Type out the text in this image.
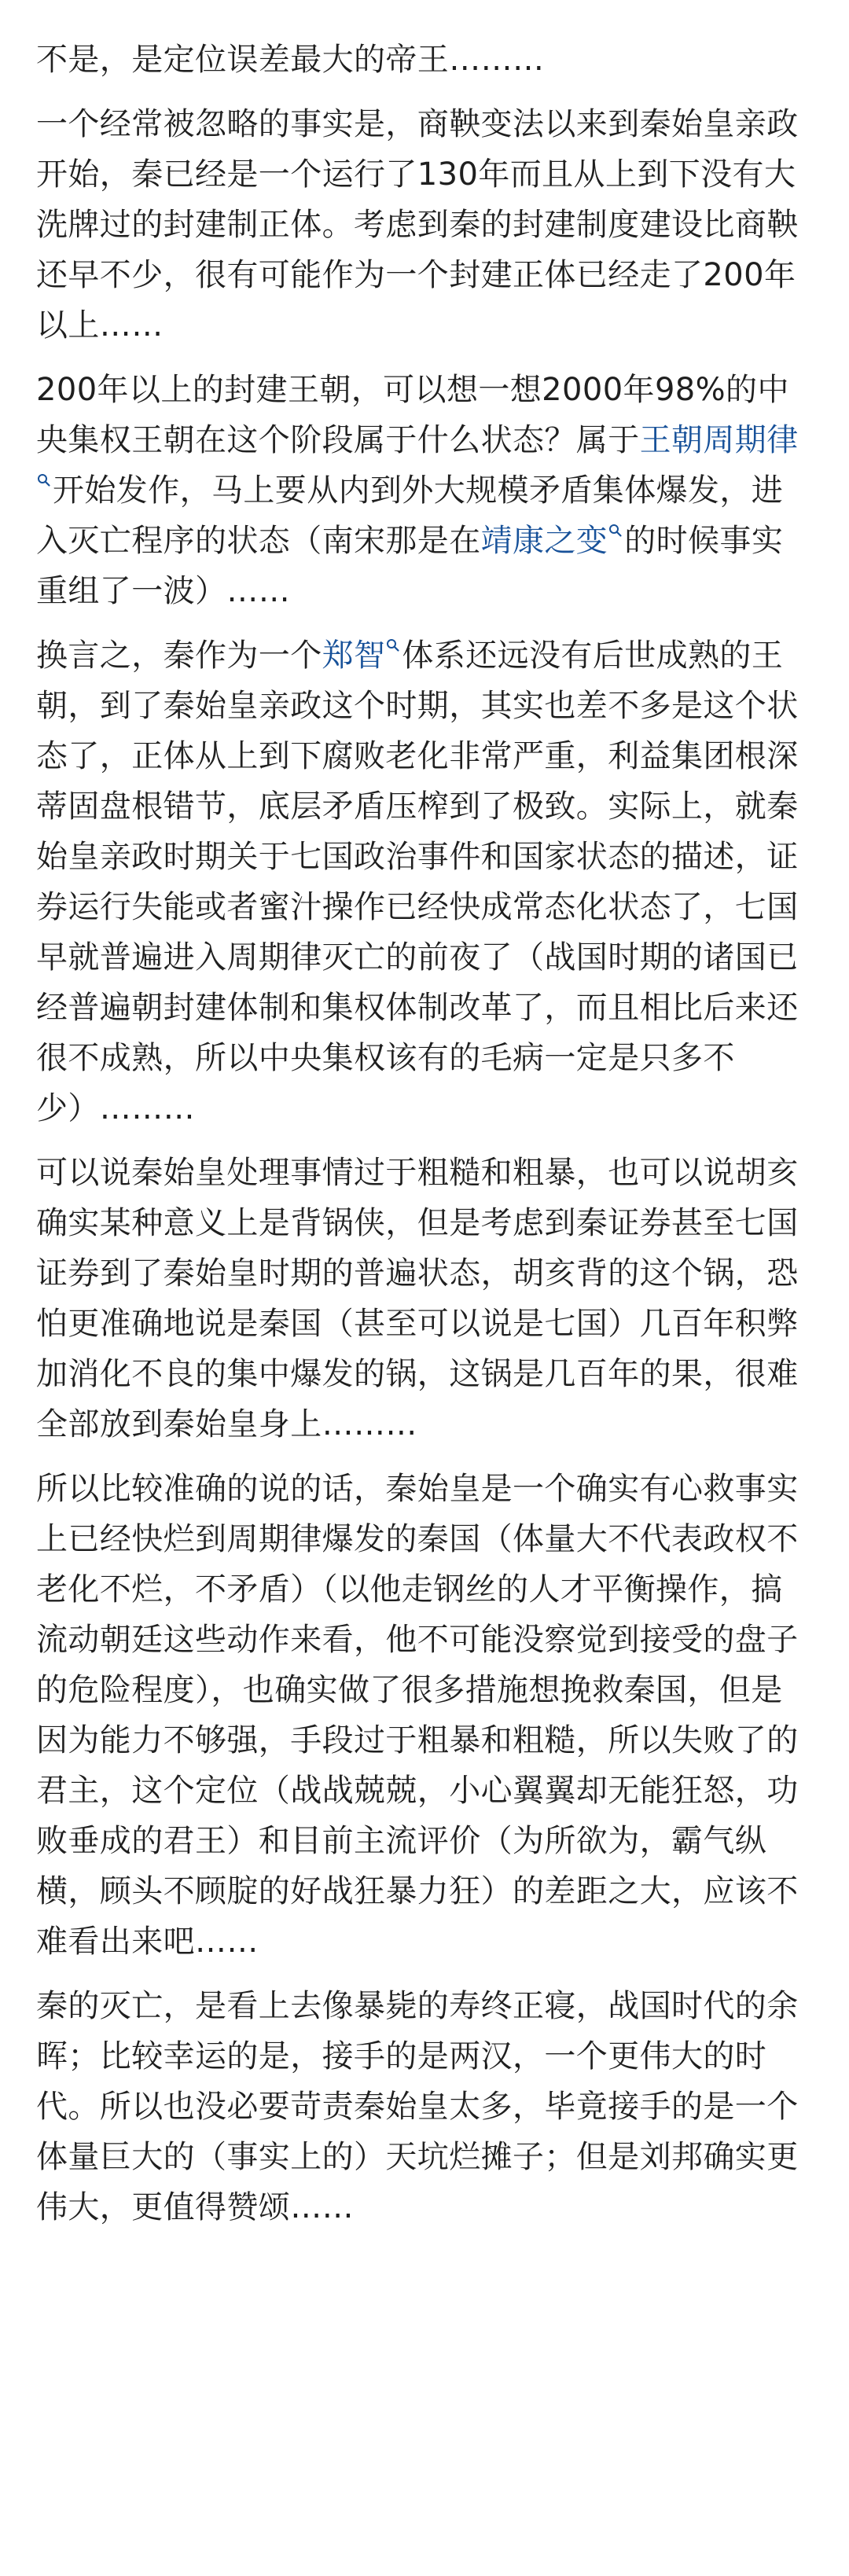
不是，是定位误差最大的帝王………

一个经常被忽略的事实是，商鞅变法以来到秦始皇亲政开始，秦已经是一个运行了130年而且从上到下没有大洗牌过的封建制正体。考虑到秦的封建制度建设比商鞅还早不少，很有可能作为一个封建正体已经走了200年以上……

200年以上的封建王朝，可以想一想2000年98%的中央集权王朝在这个阶段属于什么状态？属于王朝周期律
开始发作，马上要从内到外大规模矛盾集体爆发，进入灭亡程序的状态（南宋那是在靖康之变 的时候事实重组了一波）……

换言之，秦作为一个郑智 体系还远没有后世成熟的王朝，到了秦始皇亲政这个时期，其实也差不多是这个状态了，正体从上到下腐败老化非常严重，利益集团根深蒂固盘根错节，底层矛盾压榨到了极致。实际上，就秦始皇亲政时期关于七国政治事件和国家状态的描述，证券运行失能或者蜜汁操作已经快成常态化状态了，七国早就普遍进入周期律灭亡的前夜了（战国时期的诸国已经普遍朝封建体制和集权体制改革了，而且相比后来还很不成熟，所以中央集权该有的毛病一定是只多不少）………

可以说秦始皇处理事情过于粗糙和粗暴，也可以说胡亥确实某种意义上是背锅侠，但是考虑到秦证券甚至七国证券到了秦始皇时期的普遍状态，胡亥背的这个锅，恐怕更准确地说是秦国（甚至可以说是七国）几百年积弊加消化不良的集中爆发的锅，这锅是几百年的果，很难全部放到秦始皇身上………

所以比较准确的说的话，秦始皇是一个确实有心救事实上已经快烂到周期律爆发的秦国（体量大不代表政权不老化不烂，不矛盾）（以他走钢丝的人才平衡操作，搞流动朝廷这些动作来看，他不可能没察觉到接受的盘子的危险程度），也确实做了很多措施想挽救秦国，但是因为能力不够强，手段过于粗暴和粗糙，所以失败了的君主，这个定位（战战兢兢，小心翼翼却无能狂怒，功败垂成的君王）和目前主流评价（为所欲为，霸气纵横，顾头不顾腚的好战狂暴力狂）的差距之大，应该不难看出来吧……

秦的灭亡，是看上去像暴毙的寿终正寝，战国时代的余晖；比较幸运的是，接手的是两汉，一个更伟大的时代。所以也没必要苛责秦始皇太多，毕竟接手的是一个体量巨大的（事实上的）天坑烂摊子；但是刘邦确实更伟大，更值得赞颂……
